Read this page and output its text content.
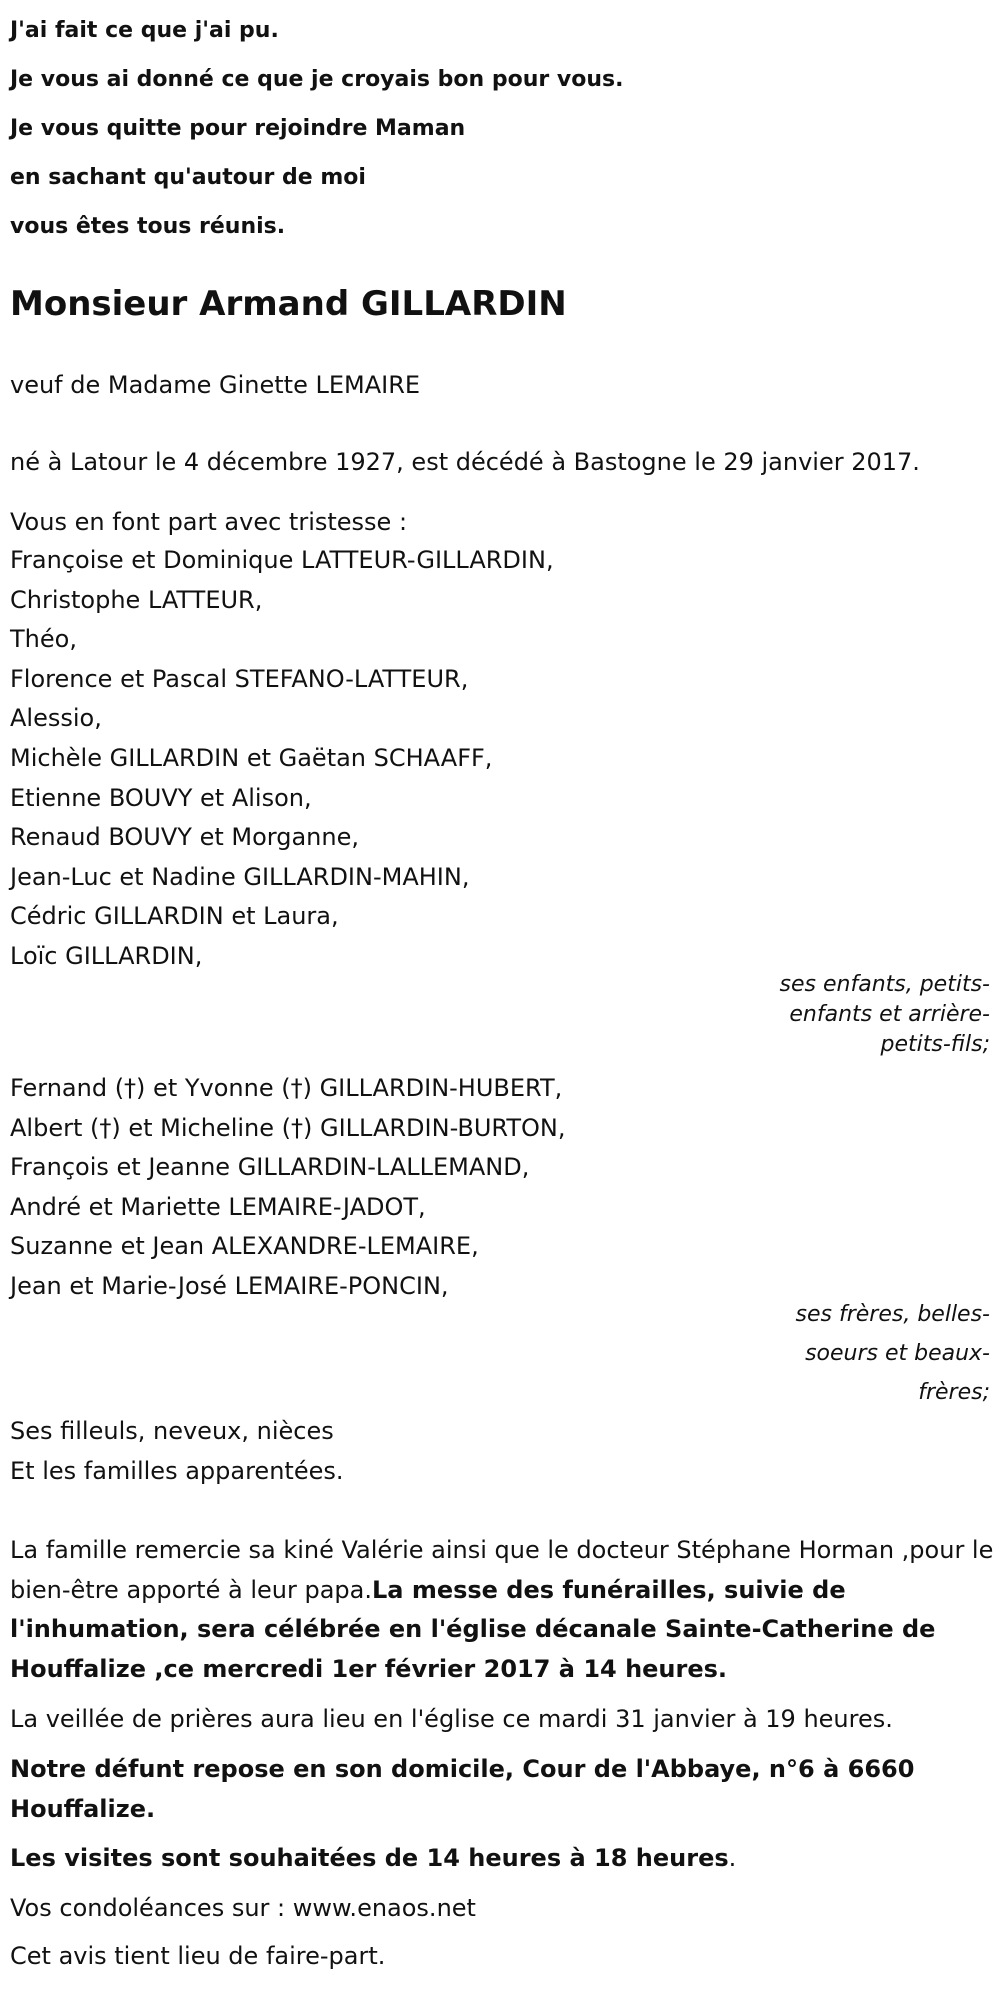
J'ai fait ce que j'ai pu.
Je vous ai donné ce que je croyais bon pour vous.
Je vous quitte pour rejoindre Maman
en sachant qu'autour de moi
vous êtes tous réunis.
Monsieur Armand GILLARDIN
veuf de Madame Ginette LEMAIRE
né à Latour le 4 décembre 1927, est décédé à Bastogne le 29 janvier 2017.
Vous en font part avec tristesse :
Françoise et Dominique LATTEUR-GILLARDIN,
Christophe LATTEUR,
Théo,
Florence et Pascal STEFANO-LATTEUR,
Alessio,
Michèle GILLARDIN et Gaëtan SCHAAFF,
Etienne BOUVY et Alison,
Renaud BOUVY et Morganne,
Jean-Luc et Nadine GILLARDIN-MAHIN,
Cédric GILLARDIN et Laura,
Loïc GILLARDIN,
ses enfants, petits-enfants et arrière-petits-fils;
Fernand (†) et Yvonne (†) GILLARDIN-HUBERT,
Albert (†) et Micheline (†) GILLARDIN-BURTON,
François et Jeanne GILLARDIN-LALLEMAND,
André et Mariette LEMAIRE-JADOT,
Suzanne et Jean ALEXANDRE-LEMAIRE,
Jean et Marie-José LEMAIRE-PONCIN,
ses frères, belles-soeurs et beaux-frères;
Ses filleuls, neveux, nièces
Et les familles apparentées.
La famille remercie sa kiné Valérie ainsi que le docteur Stéphane Horman ,pour le bien-être apporté à leur papa.La messe des funérailles, suivie de l'inhumation, sera célébrée en l'église décanale Sainte-Catherine de Houffalize ,ce mercredi 1er février 2017 à 14 heures.
La veillée de prières aura lieu en l'église ce mardi 31 janvier à 19 heures.
Notre défunt repose en son domicile, Cour de l'Abbaye, n°6 à 6660 Houffalize.
Les visites sont souhaitées de 14 heures à 18 heures.
Vos condoléances sur : www.enaos.net
Cet avis tient lieu de faire-part.
